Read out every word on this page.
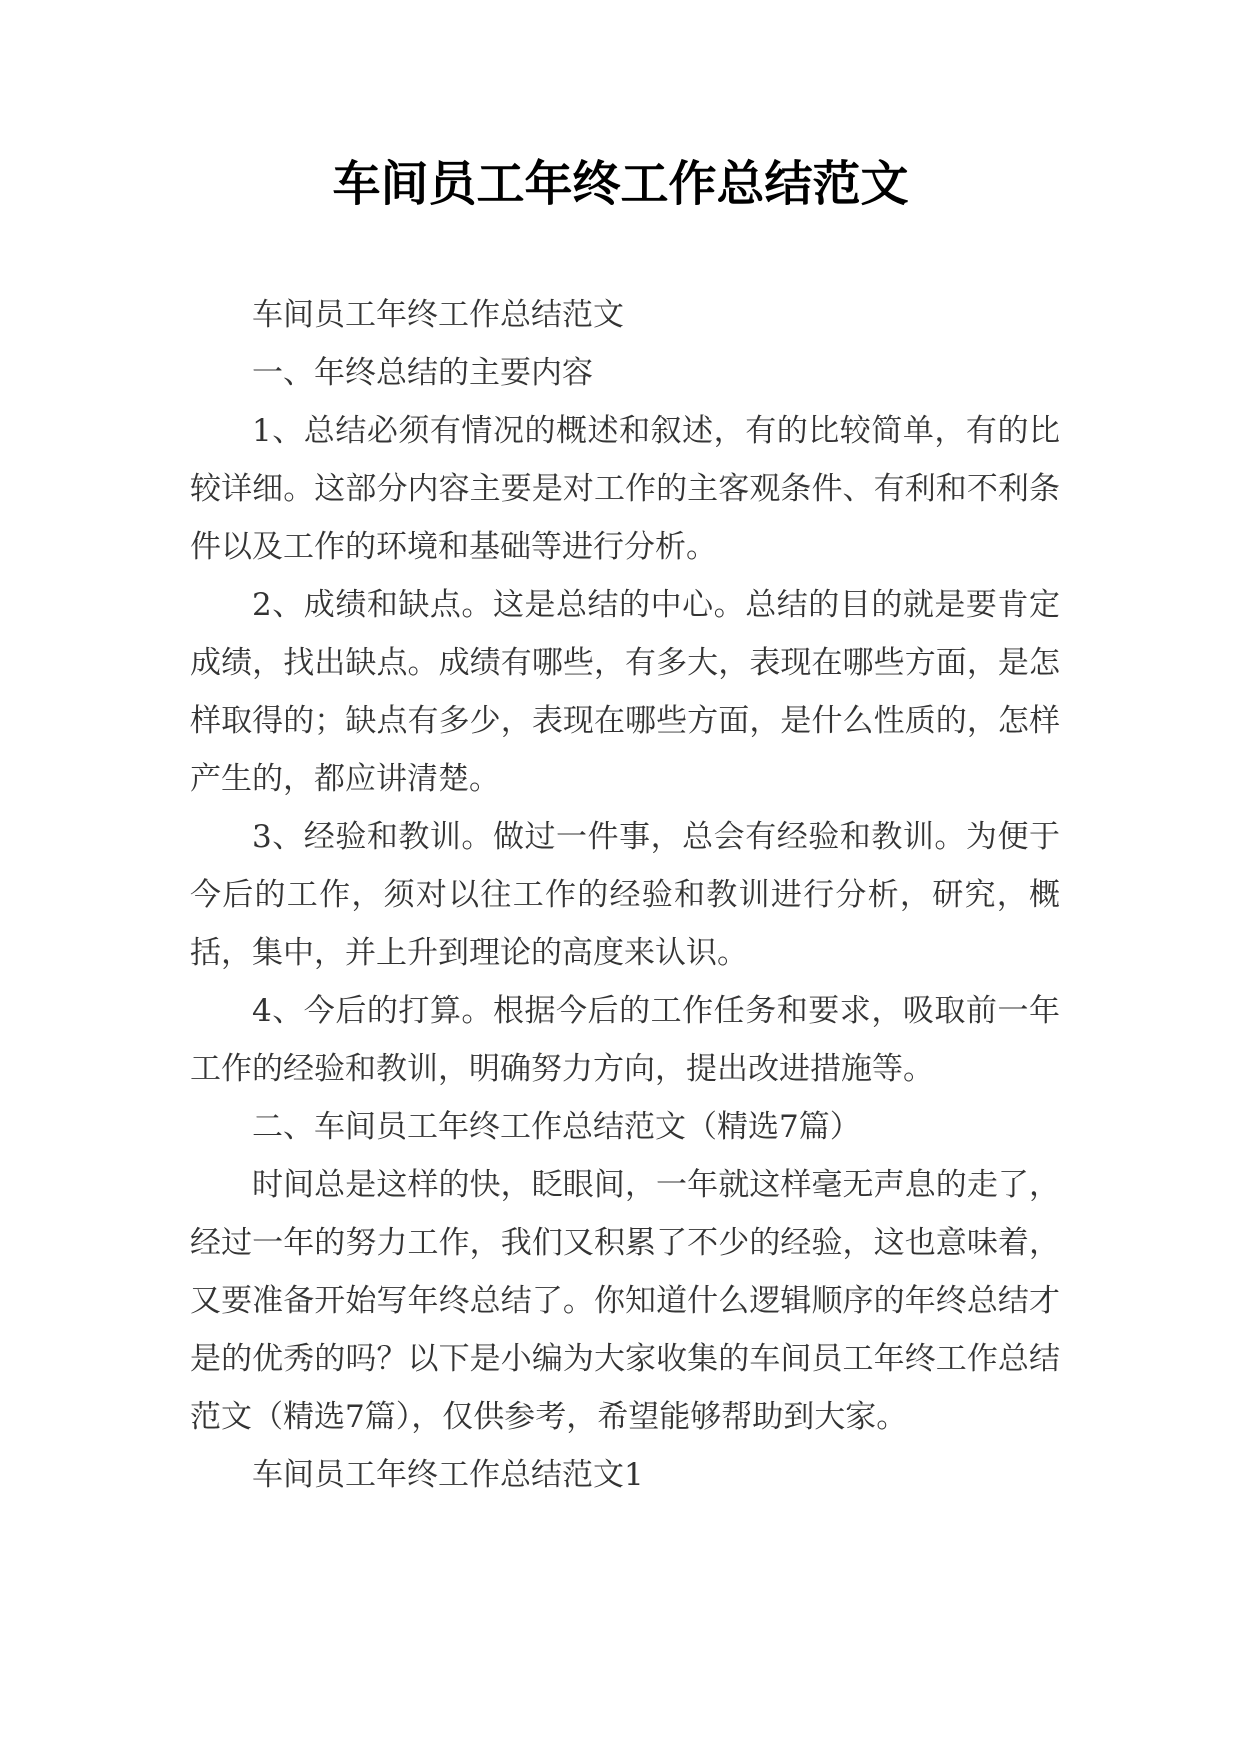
车间员工年终工作总结范文

车间员工年终工作总结范文

一、年终总结的主要内容

1、总结必须有情况的概述和叙述，有的比较简单，有的比较详细。这部分内容主要是对工作的主客观条件、有利和不利条件以及工作的环境和基础等进行分析。

2、成绩和缺点。这是总结的中心。总结的目的就是要肯定成绩，找出缺点。成绩有哪些，有多大，表现在哪些方面，是怎样取得的；缺点有多少，表现在哪些方面，是什么性质的，怎样产生的，都应讲清楚。

3、经验和教训。做过一件事，总会有经验和教训。为便于今后的工作，须对以往工作的经验和教训进行分析，研究，概括，集中，并上升到理论的高度来认识。

4、今后的打算。根据今后的工作任务和要求，吸取前一年工作的经验和教训，明确努力方向，提出改进措施等。

二、车间员工年终工作总结范文（精选7篇）

时间总是这样的快，眨眼间，一年就这样毫无声息的走了，经过一年的努力工作，我们又积累了不少的经验，这也意味着，又要准备开始写年终总结了。你知道什么逻辑顺序的年终总结才是的优秀的吗？以下是小编为大家收集的车间员工年终工作总结范文（精选7篇），仅供参考，希望能够帮助到大家。

车间员工年终工作总结范文1
